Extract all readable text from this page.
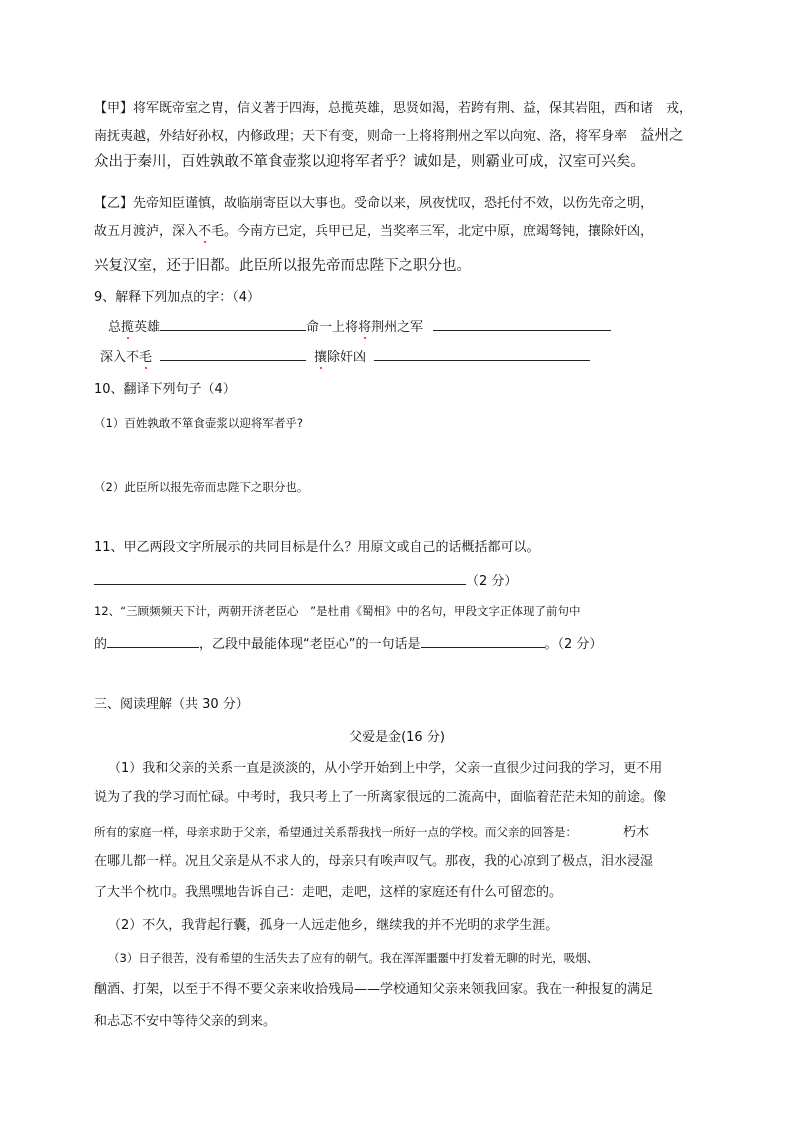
【甲】将军既帝室之胄，信义著于四海，总揽英雄，思贤如渴，若跨有荆、益，保其岩阻，西和诸　戎，
南抚夷越，外结好孙权，内修政理；天下有变，则命一上将将荆州之军以向宛、洛，将军身率　益州之
众出于秦川，百姓孰敢不箪食壶浆以迎将军者乎？诚如是，则霸业可成，汉室可兴矣。
【乙】先帝知臣谨慎，故临崩寄臣以大事也。受命以来，夙夜忧叹，恐托付不效，以伤先帝之明，
故五月渡泸，深入不毛。今南方已定，兵甲已足，当奖率三军，北定中原，庶竭驽钝，攘除奸凶，
兴复汉室，还于旧都。此臣所以报先帝而忠陛下之职分也。
9、解释下列加点的字：（4）
总揽英雄	命一上将将荆州之军
深入不毛	攘除奸凶
10、翻译下列句子（4）
（1）百姓孰敢不箪食壶浆以迎将军者乎?
（2）此臣所以报先帝而忠陛下之职分也。
11、甲乙两段文字所展示的共同目标是什么？用原文或自己的话概括都可以。
（2 分）
12、“三顾频频天下计，两朝开济老臣心　”是杜甫《蜀相》中的名句，甲段文字正体现了前句中
的	，乙段中最能体现“老臣心”的一句话是	。（2 分）
三、阅读理解（共 30 分）
父爱是金(16 分)
（1）我和父亲的关系一直是淡淡的，从小学开始到上中学，父亲一直很少过问我的学习，更不用
说为了我的学习而忙碌。中考时，我只考上了一所离家很远的二流高中，面临着茫茫未知的前途。像
所有的家庭一样，母亲求助于父亲，希望通过关系帮我找一所好一点的学校。而父亲的回答是：	朽木
在哪儿都一样。况且父亲是从不求人的，母亲只有唉声叹气。那夜，我的心凉到了极点，泪水浸湿
了大半个枕巾。我黑嘿地告诉自己：走吧，走吧，这样的家庭还有什么可留恋的。
（2）不久，我背起行囊，孤身一人远走他乡，继续我的并不光明的求学生涯。
（3）日子很苦，没有希望的生活失去了应有的朝气。我在浑浑噩噩中打发着无聊的时光，吸烟、
酗酒、打架，以至于不得不要父亲来收拾残局——学校通知父亲来领我回家。我在一种报复的满足
和忐忑不安中等待父亲的到来。
